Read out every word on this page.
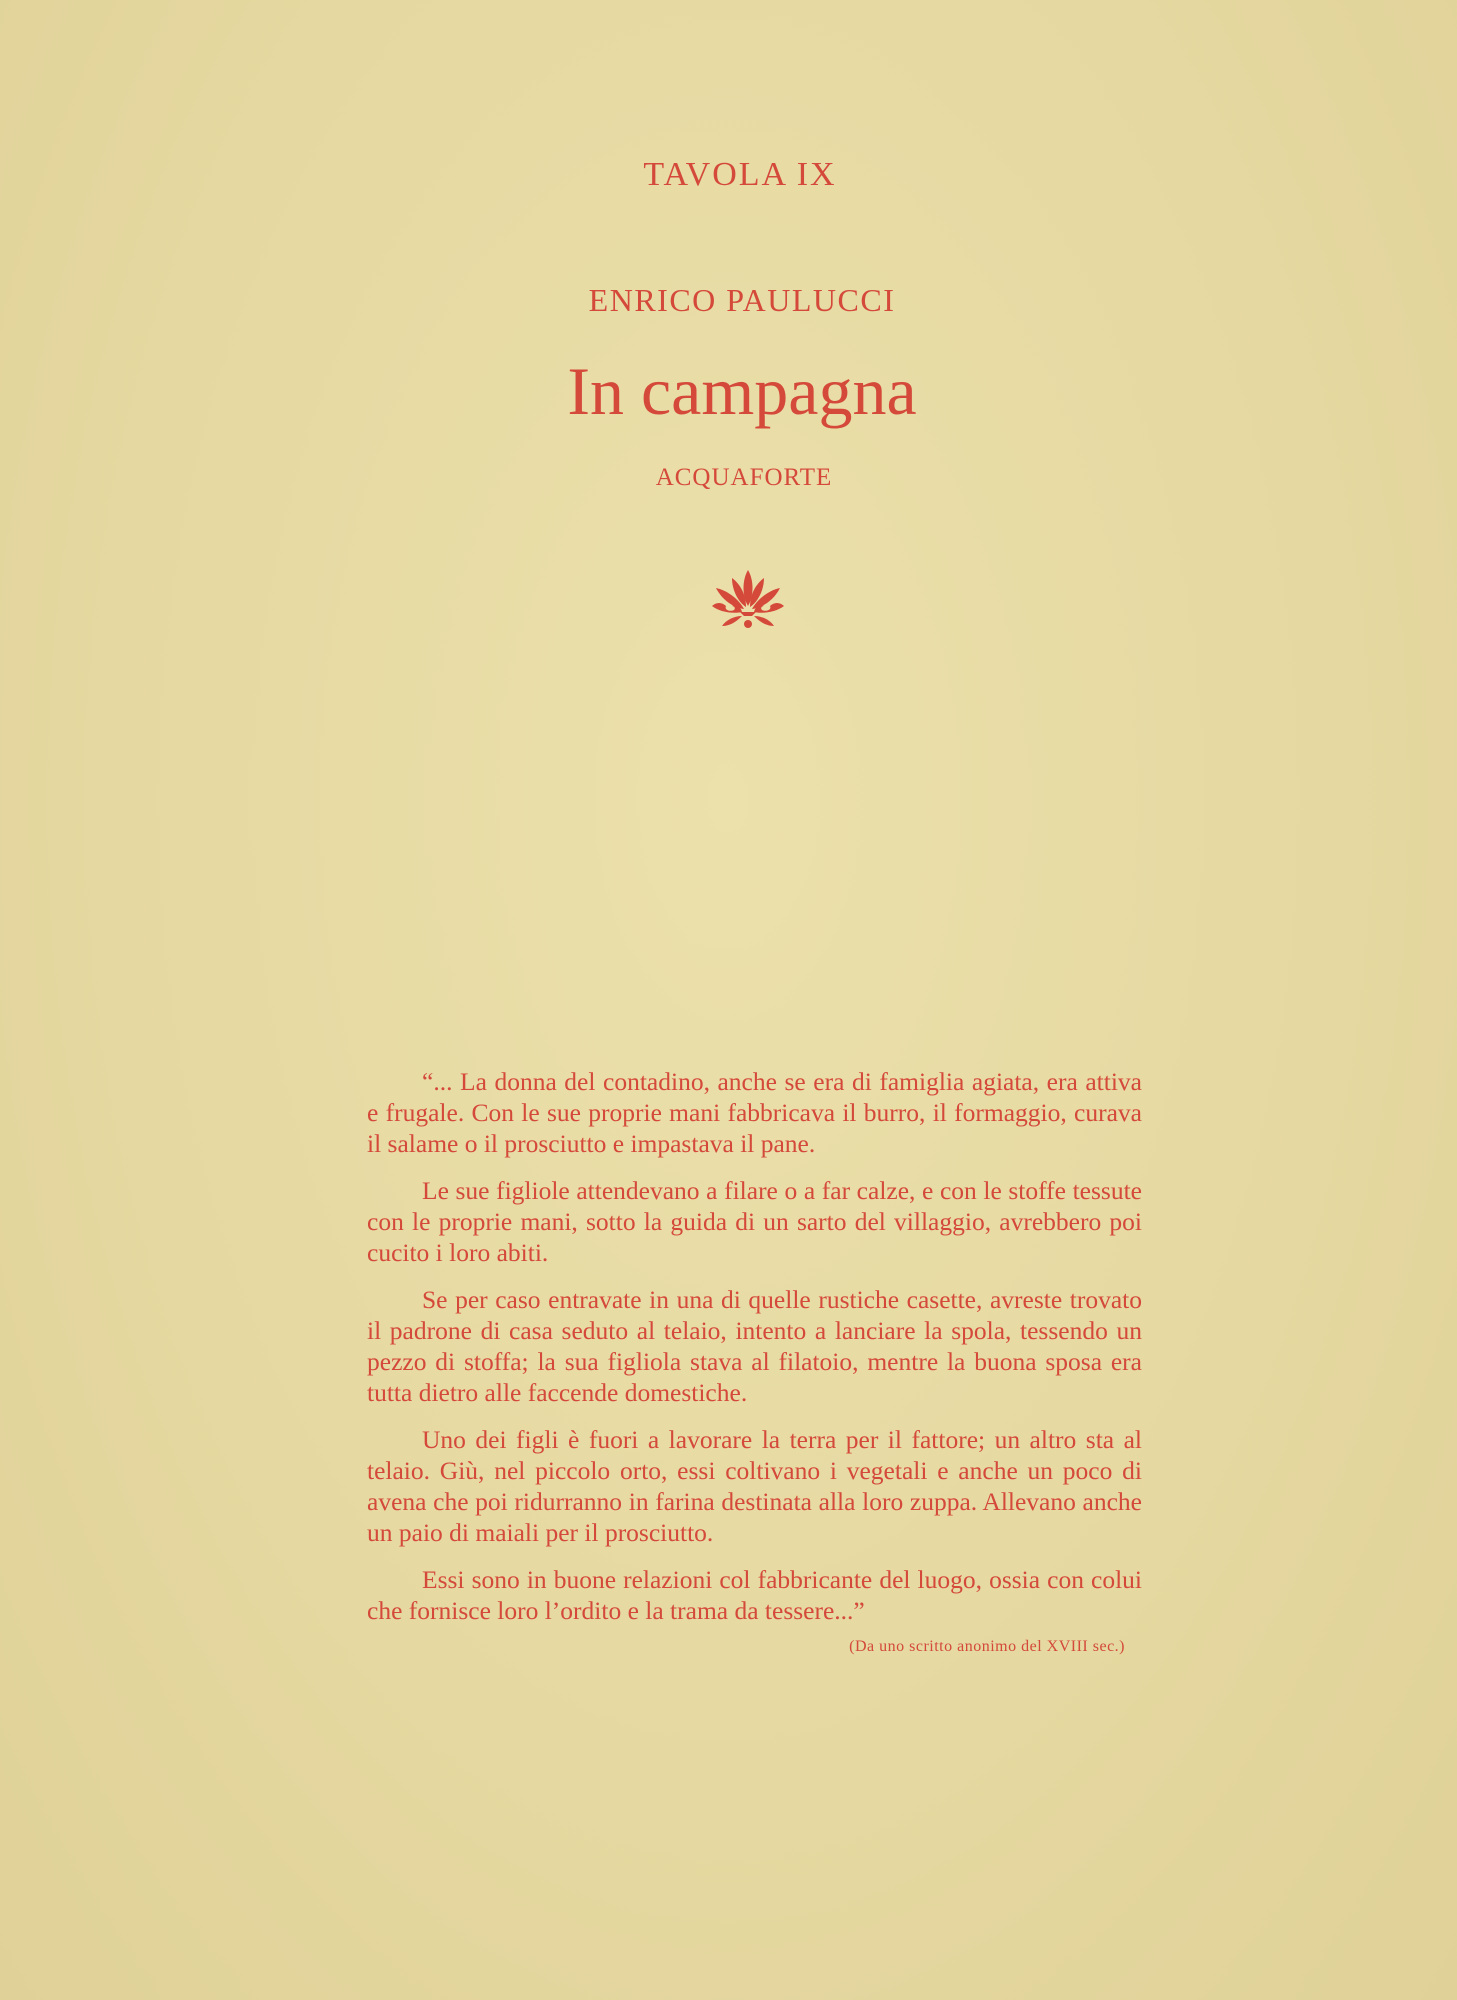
TAVOLA IX
ENRICO PAULUCCI
In campagna
ACQUAFORTE

“... La donna del contadino, anche se era di famiglia agiata, era attiva e frugale. Con le sue proprie mani fabbricava il burro, il formaggio, curava il salame o il prosciutto e impastava il pane.

Le sue figliole attendevano a filare o a far calze, e con le stoffe tessute con le proprie mani, sotto la guida di un sarto del villaggio, avrebbero poi cucito i loro abiti.

Se per caso entravate in una di quelle rustiche casette, avreste trovato il padrone di casa seduto al telaio, intento a lanciare la spola, tessendo un pezzo di stoffa; la sua figliola stava al filatoio, mentre la buona sposa era tutta dietro alle faccende domestiche.

Uno dei figli è fuori a lavorare la terra per il fattore; un altro sta al telaio. Giù, nel piccolo orto, essi coltivano i vegetali e anche un poco di avena che poi ridurranno in farina destinata alla loro zuppa. Allevano anche un paio di maiali per il prosciutto.

Essi sono in buone relazioni col fabbricante del luogo, ossia con colui che fornisce loro l’ordito e la trama da tessere...”

(Da uno scritto anonimo del XVIII sec.)
